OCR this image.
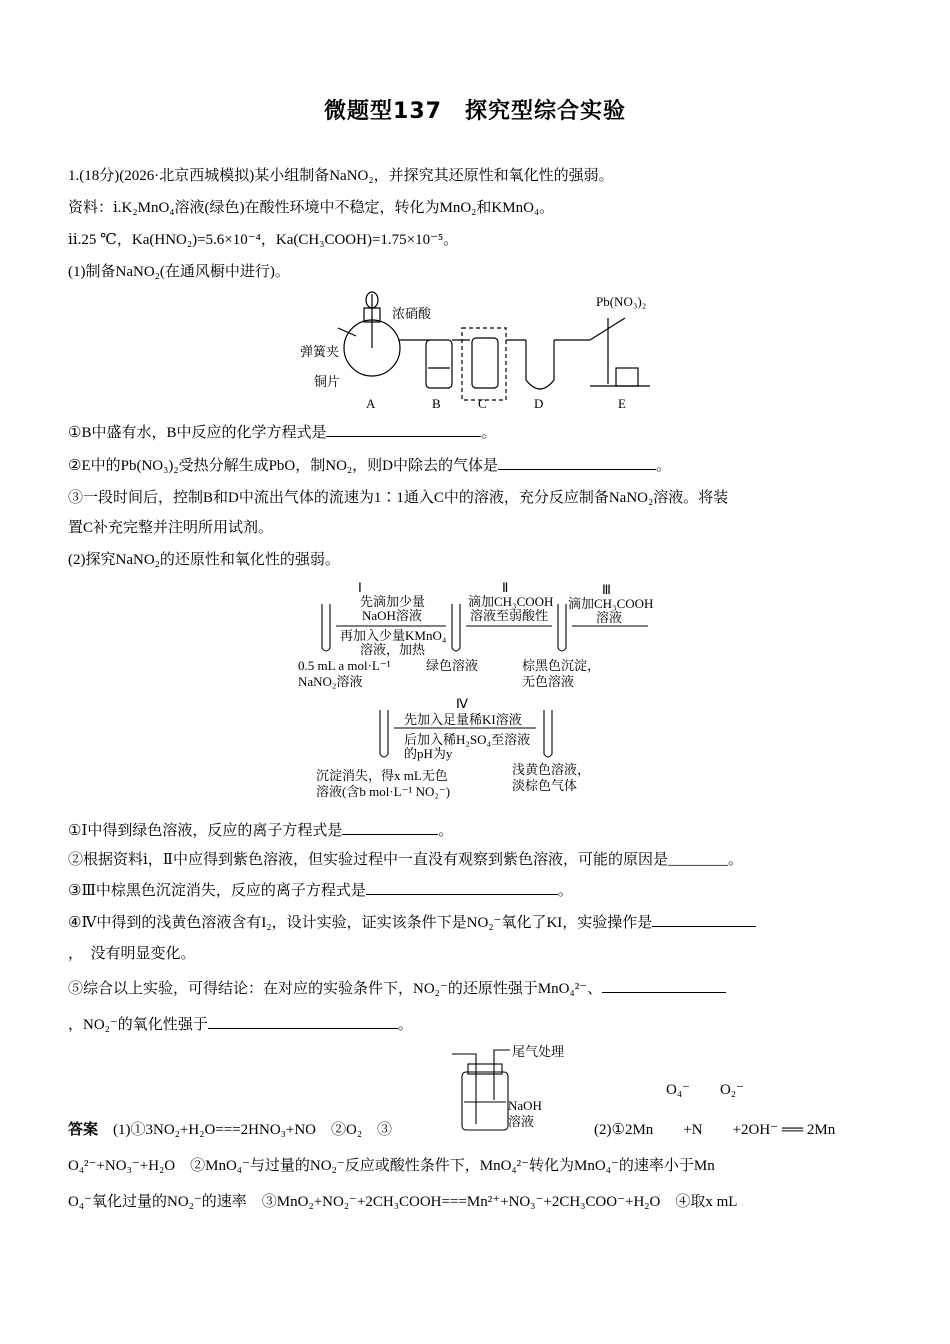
微题型137　探究型综合实验
1.(18分)(2026·北京西城模拟)某小组制备NaNO₂，并探究其还原性和氧化性的强弱。
资料：ⅰ.K₂MnO₄溶液(绿色)在酸性环境中不稳定，转化为MnO₂和KMnO₄。
ⅱ.25 ℃，Ka(HNO₂)=5.6×10⁻⁴，Ka(CH₃COOH)=1.75×10⁻⁵。
(1)制备NaNO₂(在通风橱中进行)。
浓硝酸
弹簧夹
铜片
Pb(NO₃)₂
A	B	C	D	E
①B中盛有水，B中反应的化学方程式是	。
②E中的Pb(NO₃)₂受热分解生成PbO，制NO₂，则D中除去的气体是	。
③一段时间后，控制B和D中流出气体的流速为1∶1通入C中的溶液，充分反应制备NaNO₂溶液。将装
置C补充完整并注明所用试剂。
(2)探究NaNO₂的还原性和氧化性的强弱。
Ⅰ
先滴加少量
NaOH溶液
再加入少量KMnO₄
溶液，加热
Ⅱ
滴加CH₃COOH
溶液至弱酸性
Ⅲ
滴加CH₃COOH
溶液
0.5 mL a mol·L⁻¹
NaNO₂溶液
绿色溶液	棕黑色沉淀，
无色溶液
Ⅳ
先加入足量稀KI溶液
后加入稀H₂SO₄至溶液
的pH为y
沉淀消失，得x mL无色
溶液(含b mol·L⁻¹ NO₂⁻)
浅黄色溶液，
淡棕色气体
①Ⅰ中得到绿色溶液，反应的离子方程式是	。
②根据资料ⅰ，Ⅱ中应得到紫色溶液，但实验过程中一直没有观察到紫色溶液，可能的原因是________。
③Ⅲ中棕黑色沉淀消失，反应的离子方程式是	。
④Ⅳ中得到的浅黄色溶液含有I₂，设计实验，证实该条件下是NO₂⁻氧化了KI，实验操作是
，　没有明显变化。
⑤综合以上实验，可得结论：在对应的实验条件下，NO₂⁻的还原性强于MnO₄²⁻、
，NO₂⁻的氧化性强于	。
尾气处理
NaOH
溶液
O₄⁻　　O₂⁻
答案　 (1)①3NO₂+H₂O===2HNO₃+NO　②O₂　③	(2)①2Mn　　+N　　+2OH⁻ ══ 2Mn
O₄²⁻+NO₃⁻+H₂O　②MnO₄⁻与过量的NO₂⁻反应或酸性条件下，MnO₄²⁻转化为MnO₄⁻的速率小于Mn
O₄⁻氧化过量的NO₂⁻的速率　③MnO₂+NO₂⁻+2CH₃COOH===Mn²⁺+NO₃⁻+2CH₃COO⁻+H₂O　④取x mL
